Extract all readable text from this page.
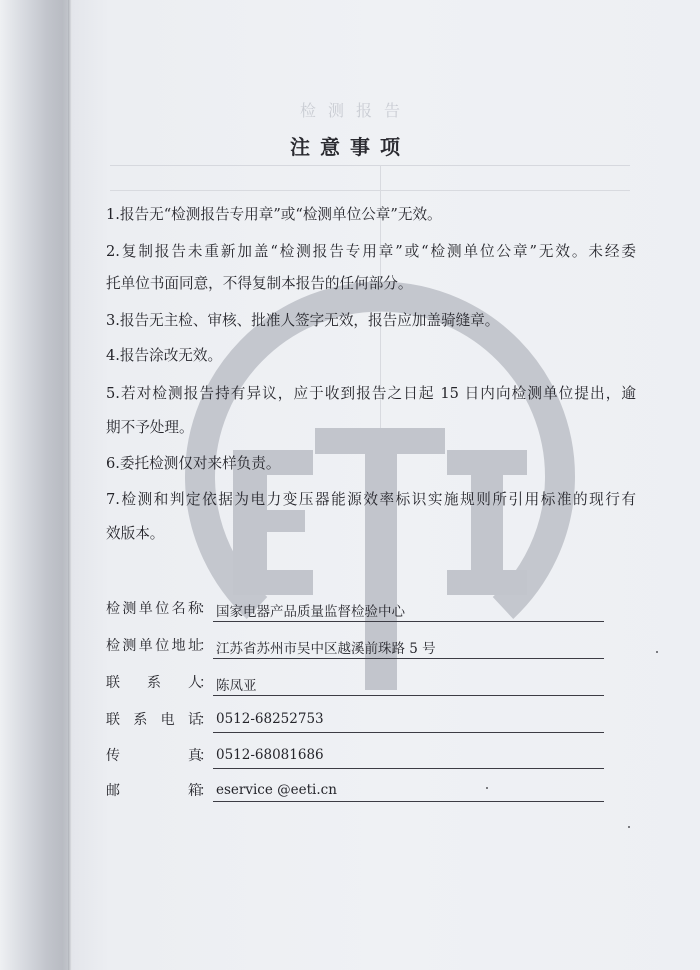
检测报告
注意事项

1.报告无“检测报告专用章”或“检测单位公章”无效。

2.复制报告未重新加盖“检测报告专用章”或“检测单位公章”无效。未经委

托单位书面同意，不得复制本报告的任何部分。

3.报告无主检、审核、批准人签字无效，报告应加盖骑缝章。

4.报告涂改无效。

5.若对检测报告持有异议，应于收到报告之日起 15 日内向检测单位提出，逾

期不予处理。

6.委托检测仅对来样负责。

7.检测和判定依据为电力变压器能源效率标识实施规则所引用标准的现行有

效版本。
检测单位名称
： 国家电器产品质量监督检验中心
检测单位地址
： 江苏省苏州市吴中区越溪前珠路 5 号
联系人
： 陈凤亚
联系电话
： 0512-68252753
传真
： 0512-68081686
邮箱
： eservice @eeti.cn
